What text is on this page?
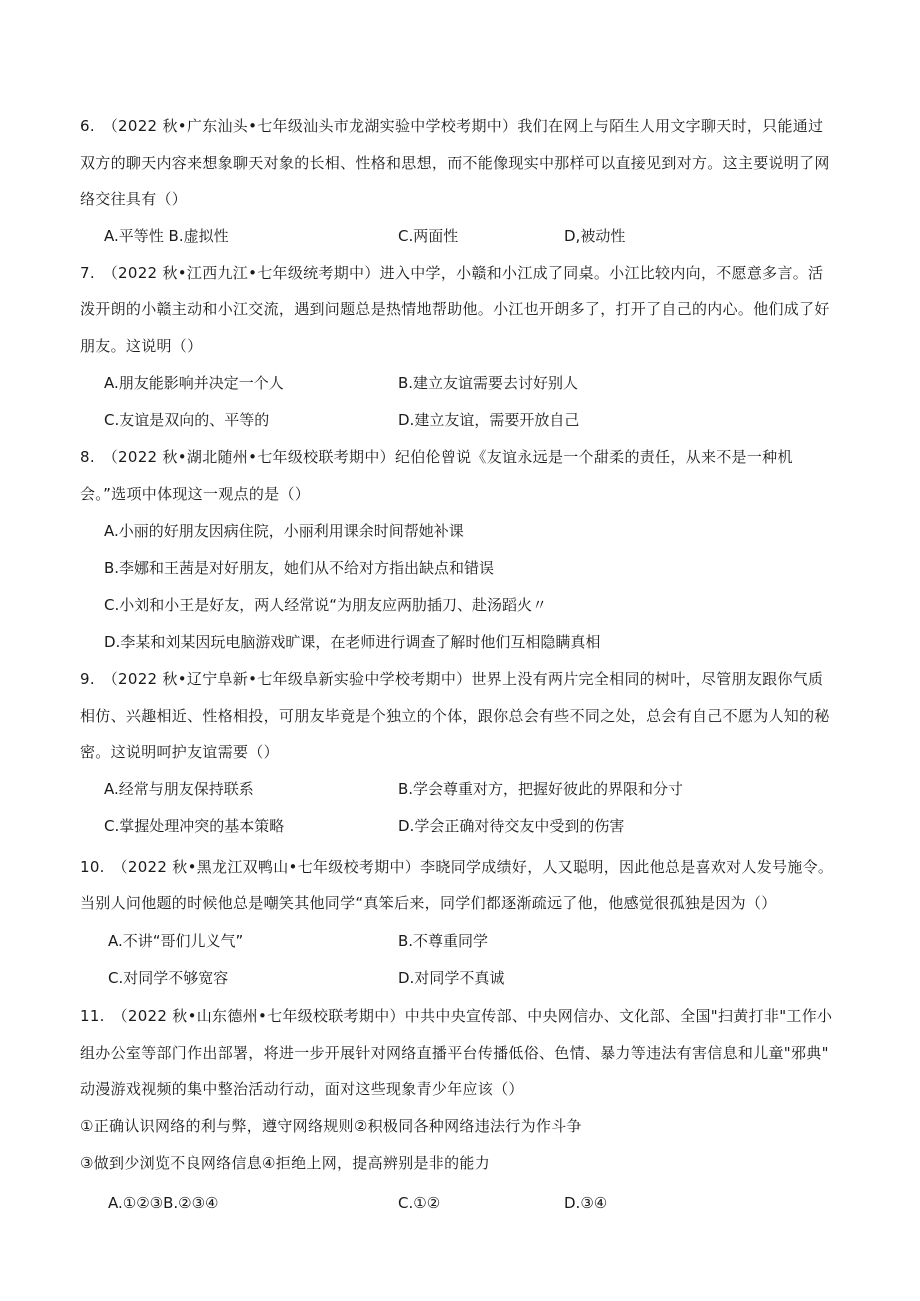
6.　（2022 秋•广东汕头•七年级汕头市龙湖实验中学校考期中）我们在网上与陌生人用文字聊天时，只能通过
双方的聊天内容来想象聊天对象的长相、性格和思想，而不能像现实中那样可以直接见到对方。这主要说明了网
络交往具有（）
A.平等性 B.虚拟性	C.两面性	D,被动性
7.　（2022 秋•江西九江•七年级统考期中）进入中学，小赣和小江成了同桌。小江比较内向，不愿意多言。活
泼开朗的小赣主动和小江交流，遇到问题总是热情地帮助他。小江也开朗多了，打开了自己的内心。他们成了好
朋友。这说明（）
A.朋友能影响并决定一个人	B.建立友谊需要去讨好别人
C.友谊是双向的、平等的	D.建立友谊，需要开放自己
8.　（2022 秋•湖北随州•七年级校联考期中）纪伯伦曾说《友谊永远是一个甜柔的责任，从来不是一种机
会。”选项中体现这一观点的是（）
A.小丽的好朋友因病住院，小丽利用课余时间帮她补课
B.李娜和王茜是对好朋友，她们从不给对方指出缺点和错误
C.小刘和小王是好友，两人经常说“为朋友应两肋插刀、赴汤蹈火〃
D.李某和刘某因玩电脑游戏旷课，在老师进行调查了解时他们互相隐瞒真相
9.　（2022 秋•辽宁阜新•七年级阜新实验中学校考期中）世界上没有两片完全相同的树叶，尽管朋友跟你气质
相仿、兴趣相近、性格相投，可朋友毕竟是个独立的个体，跟你总会有些不同之处，总会有自己不愿为人知的秘
密。这说明呵护友谊需要（）
A.经常与朋友保持联系	B.学会尊重对方，把握好彼此的界限和分寸
C.掌握处理冲突的基本策略	D.学会正确对待交友中受到的伤害
10.　（2022 秋•黑龙江双鸭山•七年级校考期中）李晓同学成绩好，人又聪明，因此他总是喜欢对人发号施令。
当别人问他题的时候他总是嘲笑其他同学“真笨后来，同学们都逐渐疏远了他，他感觉很孤独是因为（）
A.不讲“哥们儿义气”	B.不尊重同学
C.对同学不够宽容	D.对同学不真诚
11.　（2022 秋•山东德州•七年级校联考期中）中共中央宣传部、中央网信办、文化部、全国"扫黄打非"工作小
组办公室等部门作出部署，将进一步开展针对网络直播平台传播低俗、色情、暴力等违法有害信息和儿童"邪典"
动漫游戏视频的集中整治活动行动，面对这些现象青少年应该（）
①正确认识网络的利与弊，遵守网络规则②积极同各种网络违法行为作斗争
③做到少浏览不良网络信息④拒绝上网，提高辨别是非的能力
A.①②③B.②③④	C.①②	D.③④
